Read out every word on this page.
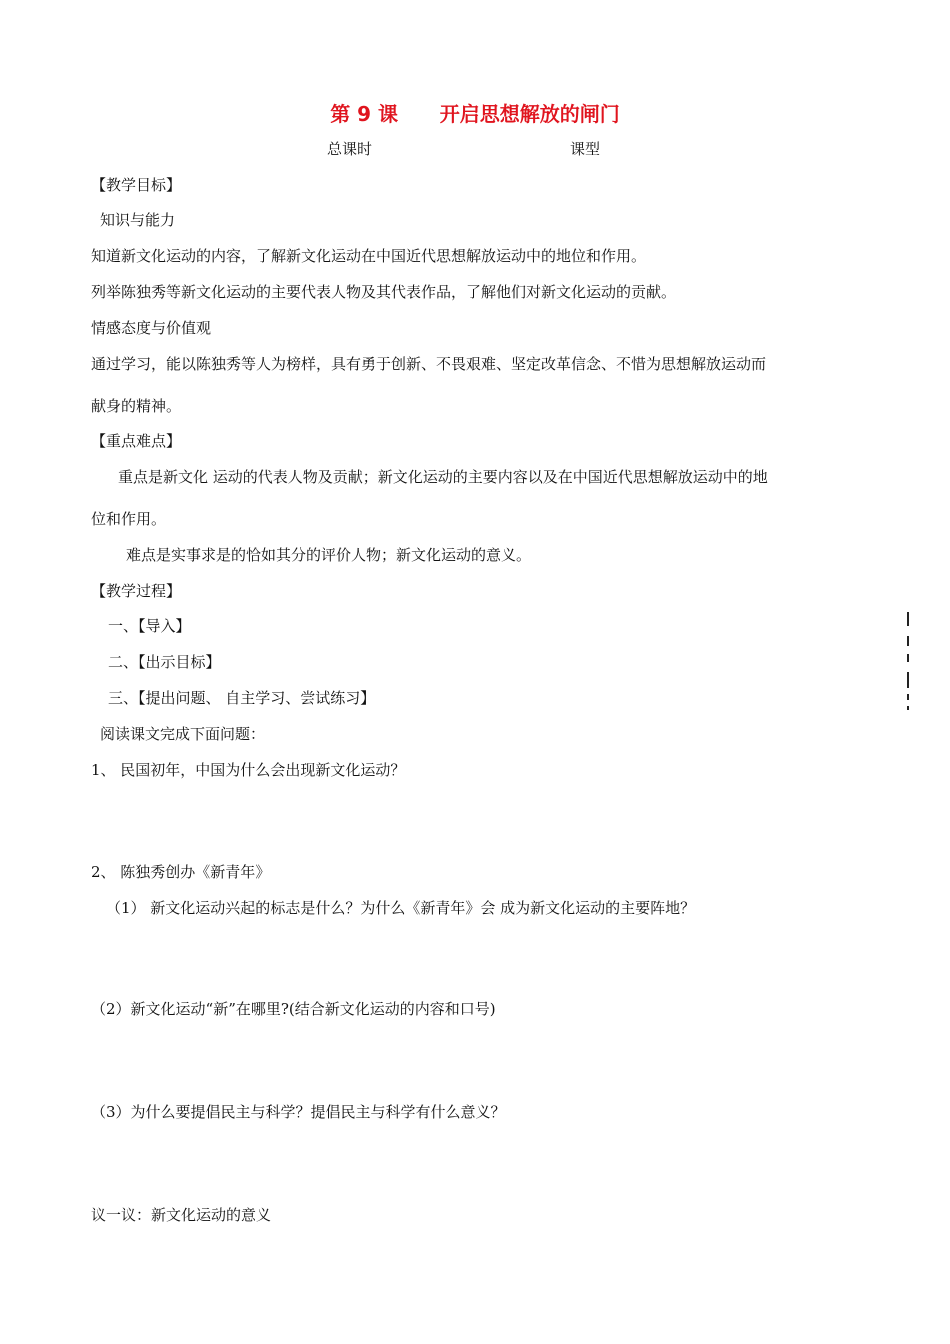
第 9 课      开启思想解放的闸门
总课时	课型
【教学目标】
知识与能力
知道新文化运动的内容，了解新文化运动在中国近代思想解放运动中的地位和作用。
列举陈独秀等新文化运动的主要代表人物及其代表作品，了解他们对新文化运动的贡献。
情感态度与价值观
通过学习，能以陈独秀等人为榜样，具有勇于创新、不畏艰难、坚定改革信念、不惜为思想解放运动而
献身的精神。
【重点难点】
重点是新文化 运动的代表人物及贡献；新文化运动的主要内容以及在中国近代思想解放运动中的地
位和作用。
难点是实事求是的恰如其分的评价人物；新文化运动的意义。
【教学过程】
一、【导入】
二、【出示目标】
三、【提出问题、 自主学习、尝试练习】
阅读课文完成下面问题：
1、 民国初年，中国为什么会出现新文化运动？
2、 陈独秀创办《新青年》
（1） 新文化运动兴起的标志是什么？为什么《新青年》会 成为新文化运动的主要阵地？
（2）新文化运动“新”在哪里?(结合新文化运动的内容和口号)
（3）为什么要提倡民主与科学？提倡民主与科学有什么意义？
议一议：新文化运动的意义
